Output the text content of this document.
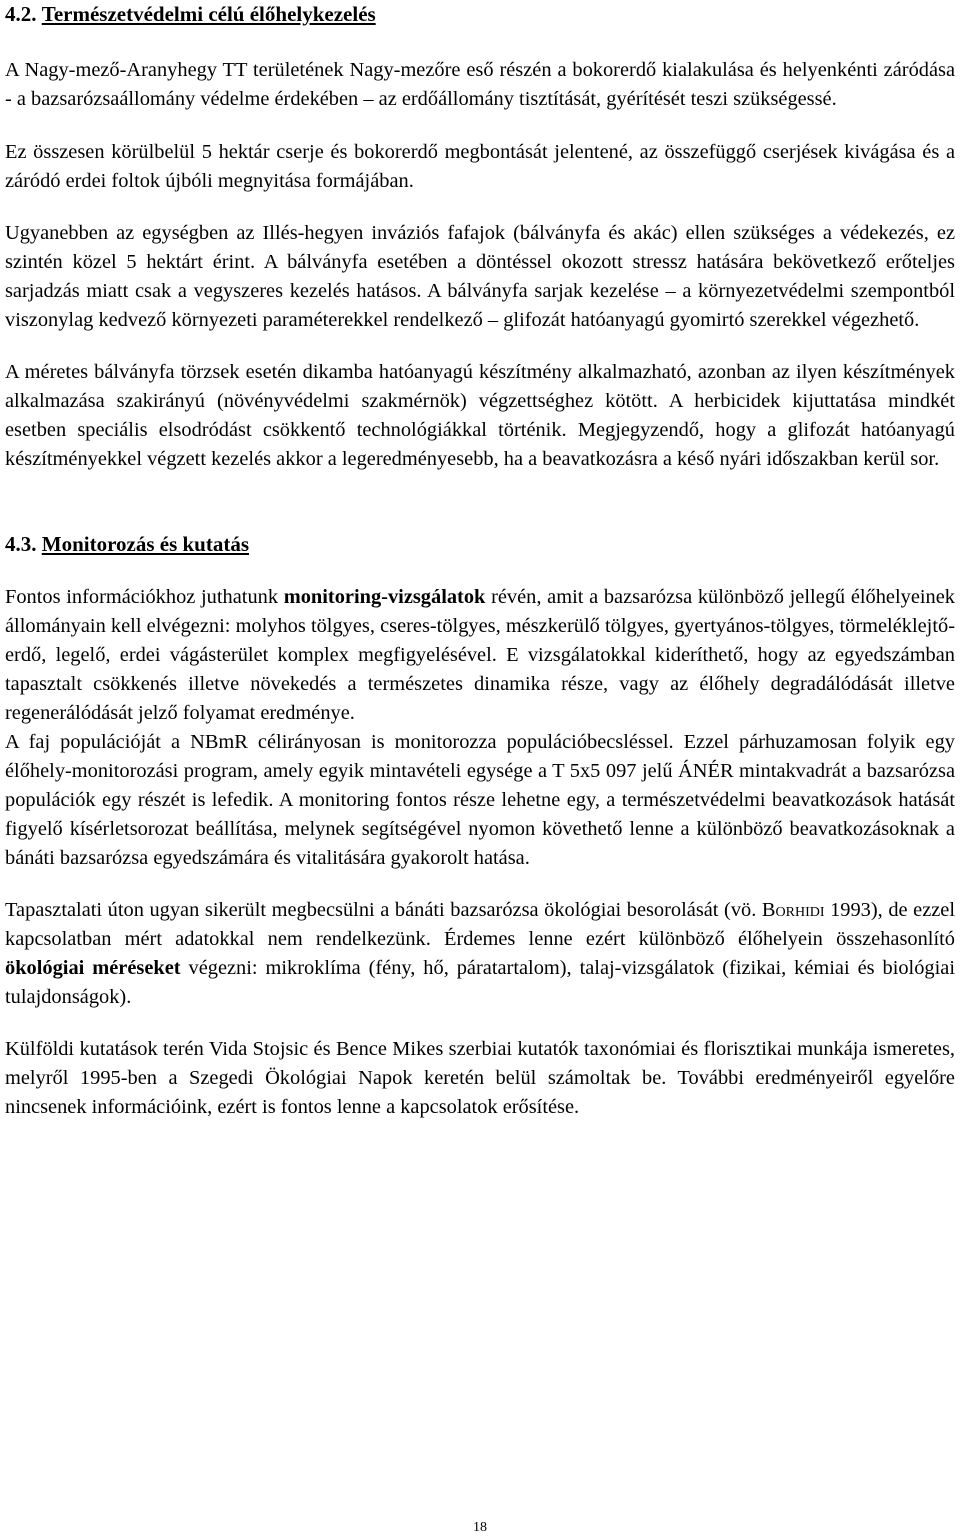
4.2. Természetvédelmi célú élőhelykezelés

A Nagy-mező-Aranyhegy TT területének Nagy-mezőre eső részén a bokorerdő kialakulása és helyenkénti záródása - a bazsarózsaállomány védelme érdekében – az erdőállomány tisztítását, gyérítését teszi szükségessé.

Ez összesen körülbelül 5 hektár cserje és bokorerdő megbontását jelentené, az összefüggő cserjések kivágása és a záródó erdei foltok újbóli megnyitása formájában.

Ugyanebben az egységben az Illés-hegyen inváziós fafajok (bálványfa és akác) ellen szükséges a védekezés, ez szintén közel 5 hektárt érint. A bálványfa esetében a döntéssel okozott stressz hatására bekövetkező erőteljes sarjadzás miatt csak a vegyszeres kezelés hatásos. A bálványfa sarjak kezelése – a környezetvédelmi szempontból viszonylag kedvező környezeti paraméterekkel rendelkező – glifozát hatóanyagú gyomirtó szerekkel végezhető.

A méretes bálványfa törzsek esetén dikamba hatóanyagú készítmény alkalmazható, azonban az ilyen készítmények alkalmazása szakirányú (növényvédelmi szakmérnök) végzettséghez kötött. A herbicidek kijuttatása mindkét esetben speciális elsodródást csökkentő technológiákkal történik. Megjegyzendő, hogy a glifozát hatóanyagú készítményekkel végzett kezelés akkor a legeredményesebb, ha a beavatkozásra a késő nyári időszakban kerül sor.

4.3. Monitorozás és kutatás

Fontos információkhoz juthatunk monitoring-vizsgálatok révén, amit a bazsarózsa különböző jellegű élőhelyeinek állományain kell elvégezni: molyhos tölgyes, cseres-tölgyes, mészkerülő tölgyes, gyertyános-tölgyes, törmeléklejtő-erdő, legelő, erdei vágásterület komplex megfigyelésével. E vizsgálatokkal kideríthető, hogy az egyedszámban tapasztalt csökkenés illetve növekedés a természetes dinamika része, vagy az élőhely degradálódását illetve regenerálódását jelző folyamat eredménye.

A faj populációját a NBmR célirányosan is monitorozza populációbecsléssel. Ezzel párhuzamosan folyik egy élőhely-monitorozási program, amely egyik mintavételi egysége a T 5x5 097 jelű ÁNÉR mintakvadrát a bazsarózsa populációk egy részét is lefedik. A monitoring fontos része lehetne egy, a természetvédelmi beavatkozások hatását figyelő kísérletsorozat beállítása, melynek segítségével nyomon követhető lenne a különböző beavatkozásoknak a bánáti bazsarózsa egyedszámára és vitalitására gyakorolt hatása.

Tapasztalati úton ugyan sikerült megbecsülni a bánáti bazsarózsa ökológiai besorolását (vö. Borhidi 1993), de ezzel kapcsolatban mért adatokkal nem rendelkezünk. Érdemes lenne ezért különböző élőhelyein összehasonlító ökológiai méréseket végezni: mikroklíma (fény, hő, páratartalom), talaj-vizsgálatok (fizikai, kémiai és biológiai tulajdonságok).

Külföldi kutatások terén Vida Stojsic és Bence Mikes szerbiai kutatók taxonómiai és florisztikai munkája ismeretes, melyről 1995-ben a Szegedi Ökológiai Napok keretén belül számoltak be. További eredményeiről egyelőre nincsenek információink, ezért is fontos lenne a kapcsolatok erősítése.

18
